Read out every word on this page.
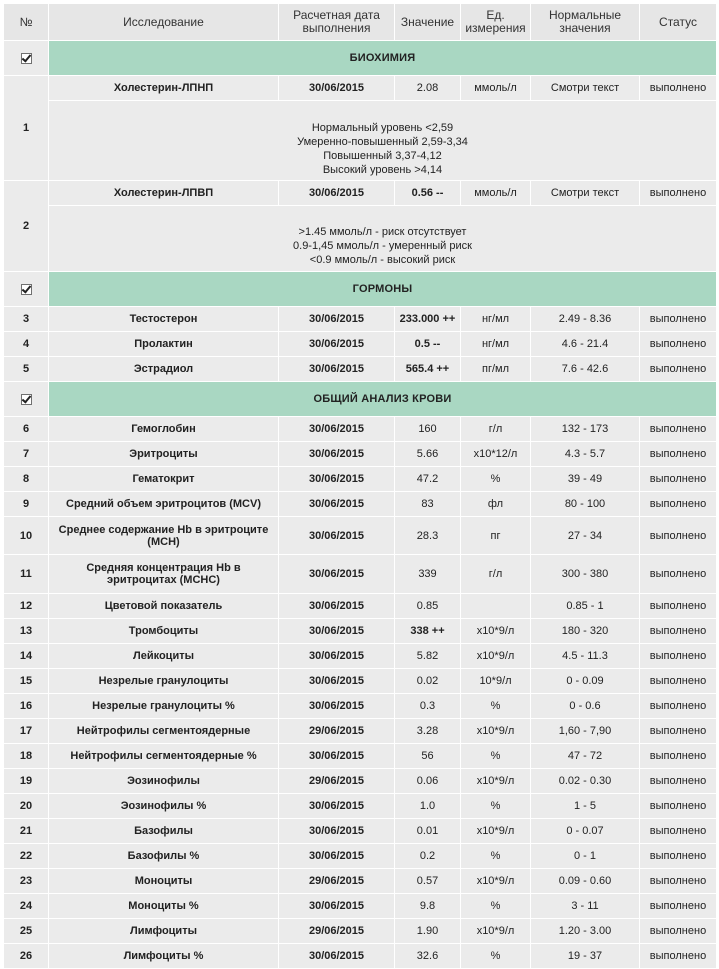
№	Исследование	Расчетная дата выполнения	Значение	Ед. измерения	Нормальные значения	Статус
	БИОХИМИЯ					
1	Холестерин-ЛПНП	30/06/2015	2.08	ммоль/л	Смотри текст	выполнено

	Нормальный уровень <2,59
Умеренно-повышенный 2,59-3,34
Повышенный 3,37-4,12
Высокий уровень >4,14					

2	Холестерин-ЛПВП	30/06/2015	0.56 --	ммоль/л	Смотри текст	выполнено

	>1.45 ммоль/л - риск отсутствует
0.9-1,45 ммоль/л - умеренный риск
<0.9 ммоль/л - высокий риск					

	ГОРМОНЫ					
3	Тестостерон	30/06/2015	233.000 ++	нг/мл	2.49 - 8.36	выполнено
4	Пролактин	30/06/2015	0.5 --	нг/мл	4.6 - 21.4	выполнено
5	Эстрадиол	30/06/2015	565.4 ++	пг/мл	7.6 - 42.6	выполнено
	ОБЩИЙ АНАЛИЗ КРОВИ					
6	Гемоглобин	30/06/2015	160	г/л	132 - 173	выполнено
7	Эритроциты	30/06/2015	5.66	x10*12/л	4.3 - 5.7	выполнено
8	Гематокрит	30/06/2015	47.2	%	39 - 49	выполнено
9	Средний объем эритроцитов (MCV)	30/06/2015	83	фл	80 - 100	выполнено
10	Среднее содержание Hb в эритроците (MCH)	30/06/2015	28.3	пг	27 - 34	выполнено
11	Средняя концентрация Hb в эритроцитах (MCHC)	30/06/2015	339	г/л	300 - 380	выполнено
12	Цветовой показатель	30/06/2015	0.85		0.85 - 1	выполнено
13	Тромбоциты	30/06/2015	338 ++	x10*9/л	180 - 320	выполнено
14	Лейкоциты	30/06/2015	5.82	x10*9/л	4.5 - 11.3	выполнено
15	Незрелые гранулоциты	30/06/2015	0.02	10*9/л	0 - 0.09	выполнено
16	Незрелые гранулоциты %	30/06/2015	0.3	%	0 - 0.6	выполнено
17	Нейтрофилы сегментоядерные	29/06/2015	3.28	x10*9/л	1,60 - 7,90	выполнено
18	Нейтрофилы сегментоядерные %	30/06/2015	56	%	47 - 72	выполнено
19	Эозинофилы	29/06/2015	0.06	x10*9/л	0.02 - 0.30	выполнено
20	Эозинофилы %	30/06/2015	1.0	%	1 - 5	выполнено
21	Базофилы	30/06/2015	0.01	x10*9/л	0 - 0.07	выполнено
22	Базофилы %	30/06/2015	0.2	%	0 - 1	выполнено
23	Моноциты	29/06/2015	0.57	x10*9/л	0.09 - 0.60	выполнено
24	Моноциты %	30/06/2015	9.8	%	3 - 11	выполнено
25	Лимфоциты	29/06/2015	1.90	x10*9/л	1.20 - 3.00	выполнено
26	Лимфоциты %	30/06/2015	32.6	%	19 - 37	выполнено
